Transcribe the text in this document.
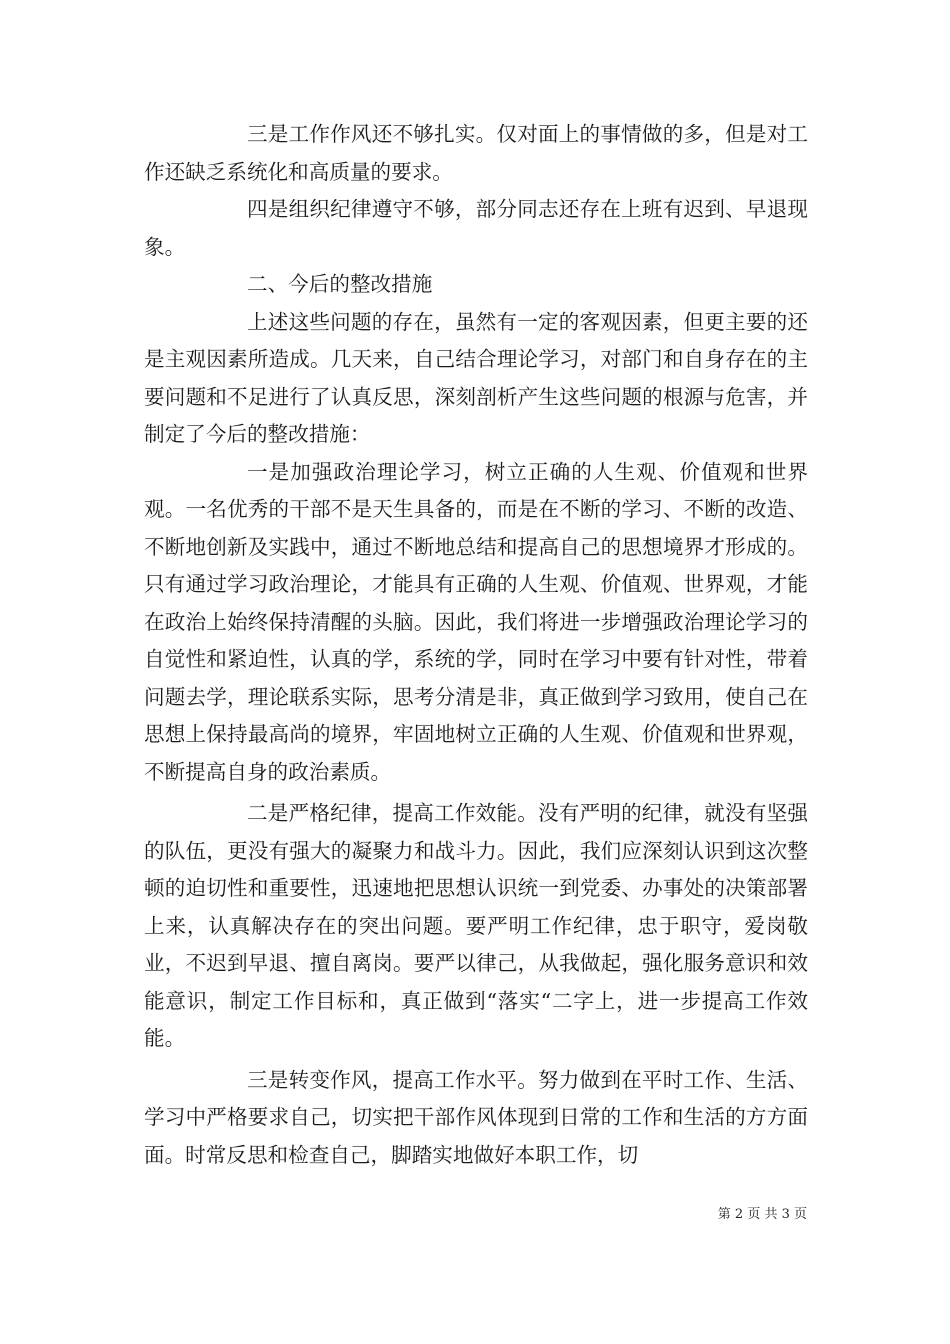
三是工作作风还不够扎实。仅对面上的事情做的多，但是对工作还缺乏系统化和高质量的要求。

四是组织纪律遵守不够，部分同志还存在上班有迟到、早退现象。

二、今后的整改措施

上述这些问题的存在，虽然有一定的客观因素，但更主要的还是主观因素所造成。几天来，自己结合理论学习，对部门和自身存在的主要问题和不足进行了认真反思，深刻剖析产生这些问题的根源与危害，并制定了今后的整改措施：

一是加强政治理论学习，树立正确的人生观、价值观和世界观。一名优秀的干部不是天生具备的，而是在不断的学习、不断的改造、不断地创新及实践中，通过不断地总结和提高自己的思想境界才形成的。只有通过学习政治理论，才能具有正确的人生观、价值观、世界观，才能在政治上始终保持清醒的头脑。因此，我们将进一步增强政治理论学习的自觉性和紧迫性，认真的学，系统的学，同时在学习中要有针对性，带着问题去学，理论联系实际，思考分清是非，真正做到学习致用，使自己在思想上保持最高尚的境界，牢固地树立正确的人生观、价值观和世界观，不断提高自身的政治素质。

二是严格纪律，提高工作效能。没有严明的纪律，就没有坚强的队伍，更没有强大的凝聚力和战斗力。因此，我们应深刻认识到这次整顿的迫切性和重要性，迅速地把思想认识统一到党委、办事处的决策部署上来，认真解决存在的突出问题。要严明工作纪律，忠于职守，爱岗敬业，不迟到早退、擅自离岗。要严以律己，从我做起，强化服务意识和效能意识，制定工作目标和，真正做到“落实“二字上，进一步提高工作效能。

三是转变作风，提高工作水平。努力做到在平时工作、生活、学习中严格要求自己，切实把干部作风体现到日常的工作和生活的方方面面。时常反思和检查自己，脚踏实地做好本职工作，切

第 2 页 共 3 页
